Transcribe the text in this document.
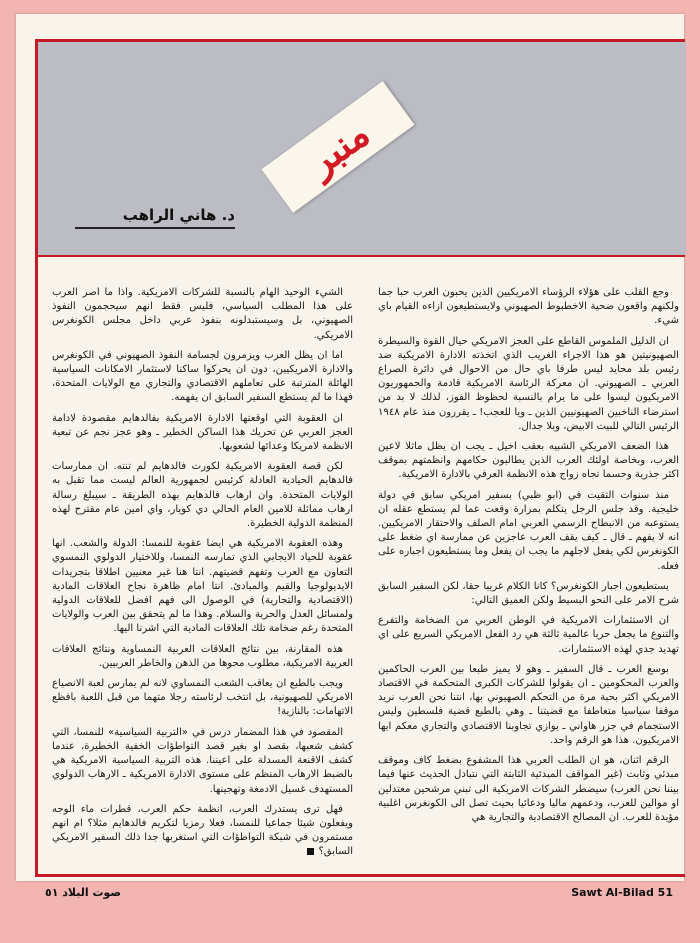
منبر
د. هاني الراهب

وجع القلب على هؤلاء الرؤساء الامريكيين الذين يحبون العرب حبا جما ولكنهم واقعون ضحية الاخطبوط الصهيوني ولايستطيعون ازاءه القيام باي شيء.

ان الدليل الملموس القاطع على العجز الامريكي حيال القوة والسيطرة الصهيونيتين هو هذا الاجراء الغريب الذي اتخذته الادارة الامريكية ضد رئيس بلد محايد ليس طرفا باي حال من الاحوال في دائرة الصراع العربي ـ الصهيوني. ان معركة الرئاسة الامريكية قادمة والجمهوريون الامريكيون ليسوا على ما يرام بالنسبة لحظوظ الفوز، لذلك لا بد من استرضاء الناخبين الصهيونيين الذين ـ ويا للعجب! ـ يقررون منذ عام ١٩٤٨ الرئيس التالي للبيت الابيض، وبلا جدال.

هذا الضعف الامريكي الشبيه بعقب اخيل ـ يجب ان يظل ماثلا لاعين العرب، وبخاصة اولئك العرب الذين يطالبون حكامهم وانظمتهم بموقف اكثر جذرية وحسما تجاه زواج هذه الانظمة العرفي بالادارة الامريكية.

منذ سنوات التقيت في (ابو ظبي) بسفير امريكي سابق في دولة خليجية. وقد جلس الرجل يتكلم بمرارة وقعت عما لم يستطع عقله ان يستوعبه من الانبطاح الرسمي العربي امام الصلف والاحتقار الامريكيين. انه لا يفهم ـ قال ـ كيف يقف العرب عاجزين عن ممارسة اي ضغط على الكونغرس لكي يفعل لاجلهم ما يجب ان يفعل وما يستطيعون اجباره على فعله.

يستطيعون اجبار الكونغرس؟ كانا الكلام غريبا حقا، لكن السفير السابق شرح الامر على النحو البسيط ولكن العميق التالي:

ان الاستثمارات الامريكية في الوطن العربي من الضخامة والتفرع والتنوع ما يجعل حربا عالمية ثالثة هي رد الفعل الامريكي السريع على اي تهديد جدي لهذه الاستثمارات.

بوسع العرب ـ قال السفير ـ وهو لا يميز طبعا بين العرب الحاكمين والعرب المحكومين ـ ان يقولوا للشركات الكبرى المتحكمة في الاقتصاد الامريكي اكثر بحبة مرة من التحكم الصهيوني بها، انتنا نحن العرب نريد موقفا سياسيا متعاطفا مع قضيتنا ـ وهي بالطبع قضية فلسطين وليس الاستجمام في جزر هاواني ـ يوازي تجاوبنا الاقتصادي والتجاري معكم ايها الامريكيون. هذا هو الرقم واحد.

الرقم اثنان، هو ان الطلب العربي هذا المشفوع بضغط كاف وموقف مبدئي وثابت (غير المواقف المبدئية الثابتة التي نتبادل الحديث عنها فيما بيننا نحن العرب) سيضطر الشركات الامريكية الى تبني مرشحين معتدلين او موالين للعرب، ودعمهم ماليا ودعائيا بحيث تصل الى الكونغرس اغلبية مؤيدة للعرب. ان المصالح الاقتصادية والتجارية هي

الشيء الوحيد الهام بالنسبة للشركات الامريكية. واذا ما اصر العرب على هذا المطلب السياسي، فليس فقط انهم سيحجمون النفوذ الصهيوني، بل وسيستبدلونه بنفوذ عربي داخل مجلس الكونغرس الامريكي.

اما ان يظل العرب ويزمرون لجسامة النفوذ الصهيوني في الكونغرس والادارة الامريكيين، دون ان يحركوا ساكنا لاستثمار الامكانات السياسية الهائلة المترتبة على تعاملهم الاقتصادي والتجاري مع الولايات المتحدة، فهذا ما لم يستطع السفير السابق ان يفهمه.

ان العقوبة التي اوقعتها الادارة الامريكية بفالدهايم مقصودة لادامة العجز العربي عن تحريك هذا الساكن الخطير ـ وهو عجز نجم عن تبعية الانظمة لامريكا وعدائها لشعوبها.

لكن قصة العقوبة الامريكية لكورت فالدهايم لم تنته. ان ممارسات فالدهايم الحيادية العادلة كرئيس لجمهورية العالم ليست مما تقبل به الولايات المتحدة. وان ارهاب فالدهايم بهذه الطريقة ـ سيبلغ رسالة ارهاب مماثلة للامين العام الحالي دي كويار، واي امين عام مقترح لهذه المنظمة الدولية الخطيرة.

وهذه العقوبة الامريكية هي ايضا عقوبة للنمسا: الدولة والشعب. انها عقوبة للحياد الايجابي الذي تمارسه النمسا، وللاختيار الدولوي النمسوي التعاون مع العرب وتفهم قضيتهم. انتا هنا غير معنيين اطلاقا بتجريدات الايديولوجيا والقيم والمبادئ. انتا امام ظاهرة نجاح العلاقات المادية (الاقتصادية والتجارية) في الوصول الى فهم افضل للعلاقات الدولية ولمسائل العدل والحرية والسلام. وهذا ما لم يتحقق بين العرب والولايات المتحدة رغم ضخامة تلك العلاقات المادية التي اشرنا اليها.

هذه المقارنة، بين نتائج العلاقات العربية النمساوية ونتائج العلاقات العربية الامريكية، مطلوب محوها من الذهن والخاطر العربيين.

ويجب بالطبع ان يعاقب الشعب النمساوي لانه لم يمارس لعبة الانصياع الامريكي للصهيونية، بل انتخب لرئاسته رجلا متهما من قبل اللعبة بافظع الاتهامات: بالنازية!

المقصود في هذا المضمار درس في «التربية السياسية» للنمسا، التي كشف شعبها، بقصد او بغير قصد التواطؤات الخفية الخطيرة، عندما كشف الاقنعة المسدلة على اعيننا. هذه التربية السياسية الامريكية هي بالضبط الارهاب المنظم على مستوى الادارة الامريكية ـ الارهاب الدولوي المستهدف غسيل الادمغة وتهجينها.

فهل ترى يستدرك العرب، انظمة حكم العرب، قطرات ماء الوجه ويفعلون شيئا جماعيا للنمسا، فعلا رمزيا لتكريم فالدهايم مثلا؟ ام انهم مستمرون في شبكة التواطؤات التي استغربها جدا ذلك السفير الامريكي السابق؟

صوت البلاد ٥١	Sawt Al-Bilad 51
